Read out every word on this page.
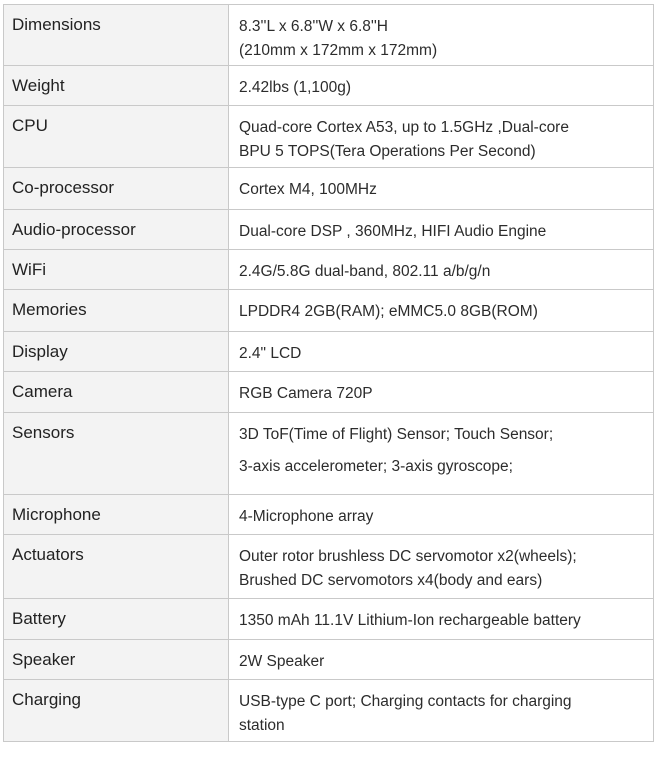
Dimensions	8.3''L x 6.8''W x 6.8''H
(210mm x 172mm x 172mm)

Weight	2.42lbs (1,100g)

CPU	Quad-core Cortex A53, up to 1.5GHz ,Dual-core
BPU 5 TOPS(Tera Operations Per Second)

Co-processor	Cortex M4, 100MHz

Audio-processor	Dual-core DSP , 360MHz, HIFI Audio Engine

WiFi	2.4G/5.8G dual-band, 802.11 a/b/g/n

Memories	LPDDR4 2GB(RAM); eMMC5.0 8GB(ROM)

Display	2.4" LCD

Camera	RGB Camera 720P

Sensors	3D ToF(Time of Flight) Sensor; Touch Sensor;
3-axis accelerometer; 3-axis gyroscope;

Microphone	4-Microphone array

Actuators	Outer rotor brushless DC servomotor x2(wheels);
Brushed DC servomotors x4(body and ears)

Battery	1350 mAh 11.1V Lithium-Ion rechargeable battery

Speaker	2W Speaker

Charging	USB-type C port; Charging contacts for charging
station
